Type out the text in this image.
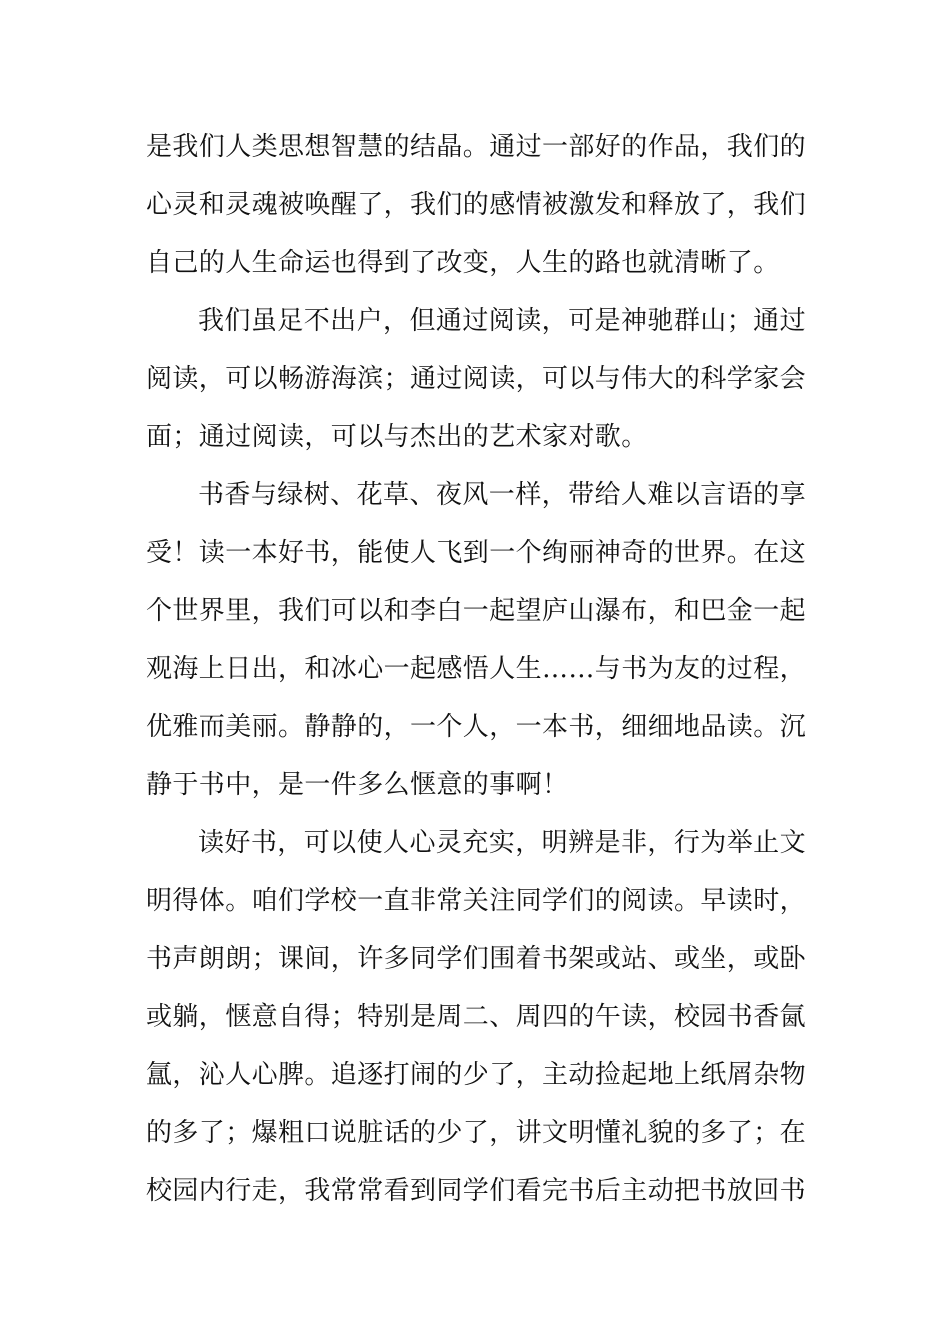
是我们人类思想智慧的结晶。通过一部好的作品，我们的
心灵和灵魂被唤醒了，我们的感情被激发和释放了，我们
自己的人生命运也得到了改变，人生的路也就清晰了。
我们虽足不出户，但通过阅读，可是神驰群山；通过
阅读，可以畅游海滨；通过阅读，可以与伟大的科学家会
面；通过阅读，可以与杰出的艺术家对歌。
书香与绿树、花草、夜风一样，带给人难以言语的享
受！读一本好书，能使人飞到一个绚丽神奇的世界。在这
个世界里，我们可以和李白一起望庐山瀑布，和巴金一起
观海上日出，和冰心一起感悟人生……与书为友的过程，
优雅而美丽。静静的，一个人，一本书，细细地品读。沉
静于书中，是一件多么惬意的事啊！
读好书，可以使人心灵充实，明辨是非，行为举止文
明得体。咱们学校一直非常关注同学们的阅读。早读时，
书声朗朗；课间，许多同学们围着书架或站、或坐，或卧
或躺，惬意自得；特别是周二、周四的午读，校园书香氤
氲，沁人心脾。追逐打闹的少了，主动捡起地上纸屑杂物
的多了；爆粗口说脏话的少了，讲文明懂礼貌的多了；在
校园内行走，我常常看到同学们看完书后主动把书放回书
